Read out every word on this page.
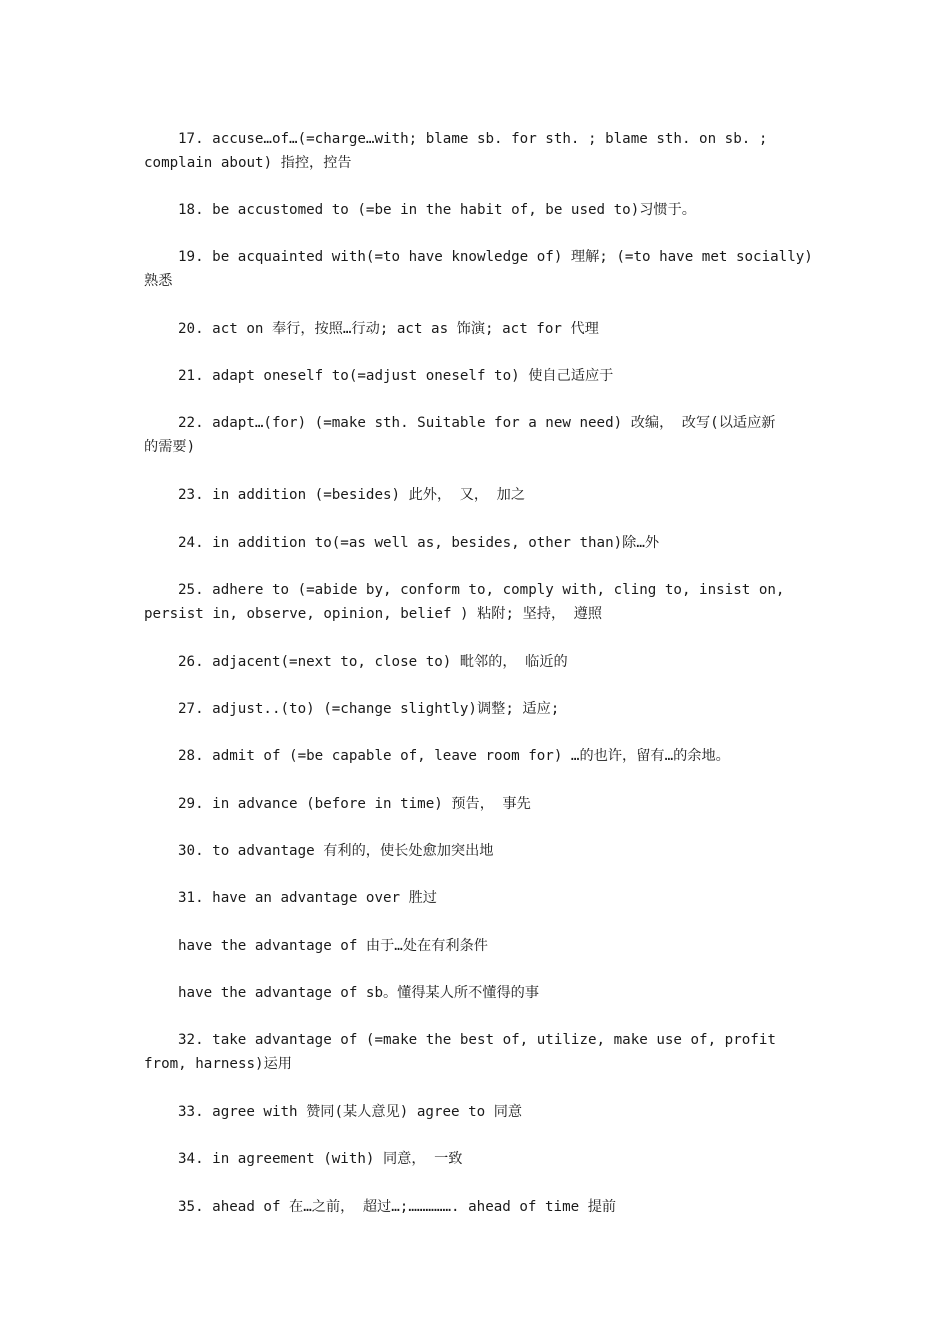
17. accuse…of…(=charge…with; blame sb. for sth. ; blame sth. on sb. ;
complain about) 指控，控告
18. be accustomed to (=be in the habit of, be used to)习惯于。
19. be acquainted with(=to have knowledge of) 理解; (=to have met socially)
熟悉
20. act on 奉行，按照…行动; act as 饰演; act for 代理
21. adapt oneself to(=adjust oneself to) 使自己适应于
22. adapt…(for) (=make sth. Suitable for a new need) 改编， 改写(以适应新
的需要)
23. in addition (=besides) 此外， 又， 加之
24. in addition to(=as well as, besides, other than)除…外
25. adhere to (=abide by, conform to, comply with, cling to, insist on,
persist in, observe, opinion, belief ) 粘附; 坚持， 遵照
26. adjacent(=next to, close to) 毗邻的， 临近的
27. adjust..(to) (=change slightly)调整; 适应;
28. admit of (=be capable of, leave room for) …的也许，留有…的余地。
29. in advance (before in time) 预告， 事先
30. to advantage 有利的，使长处愈加突出地
31. have an advantage over 胜过
have the advantage of 由于…处在有利条件
have the advantage of sb。懂得某人所不懂得的事
32. take advantage of (=make the best of, utilize, make use of, profit
from, harness)运用
33. agree with 赞同(某人意见) agree to 同意
34. in agreement (with) 同意， 一致
35. ahead of 在…之前， 超过…;……………. ahead of time 提前
